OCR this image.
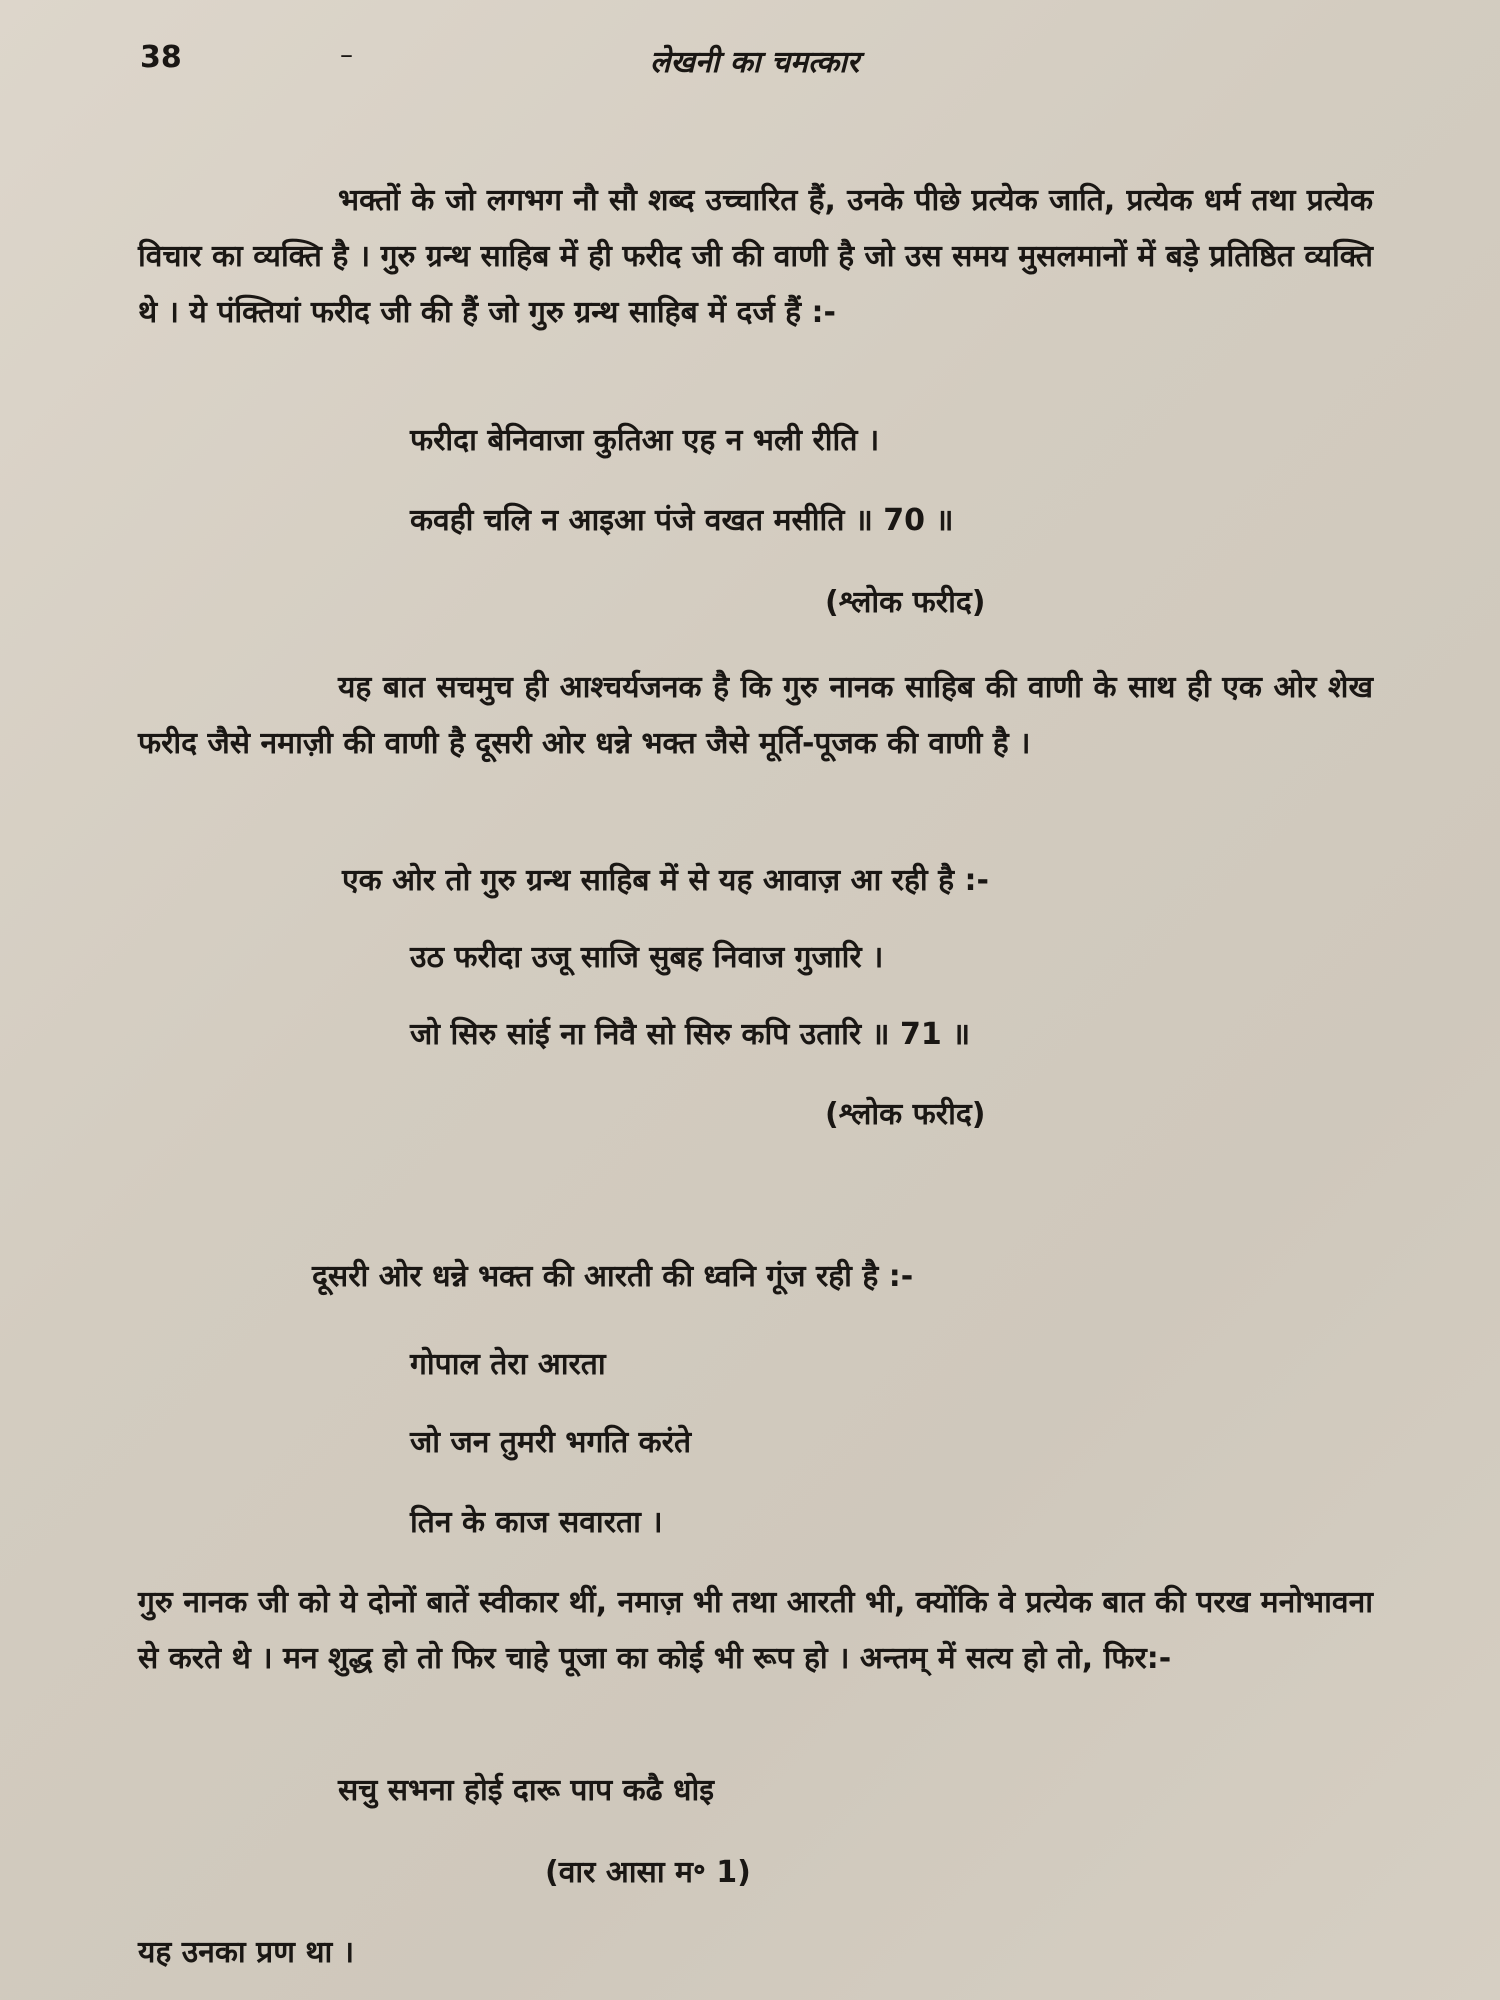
38	–	लेखनी का चमत्कार

भक्तों के जो लगभग नौ सौ शब्द उच्चारित हैं, उनके पीछे प्रत्येक जाति, प्रत्येक धर्म तथा प्रत्येक विचार का व्यक्ति है । गुरु ग्रन्थ साहिब में ही फरीद जी की वाणी है जो उस समय मुसलमानों में बड़े प्रतिष्ठित व्यक्ति थे । ये पंक्तियां फरीद जी की हैं जो गुरु ग्रन्थ साहिब में दर्ज हैं :-

फरीदा बेनिवाजा कुतिआ एह न भली रीति ।

कवही चलि न आइआ पंजे वखत मसीति ॥ 70 ॥

(श्लोक फरीद)

यह बात सचमुच ही आश्चर्यजनक है कि गुरु नानक साहिब की वाणी के साथ ही एक ओर शेख फरीद जैसे नमाज़ी की वाणी है दूसरी ओर धन्ने भक्त जैसे मूर्ति-पूजक की वाणी है ।

एक ओर तो गुरु ग्रन्थ साहिब में से यह आवाज़ आ रही है :-

उठ फरीदा उजू साजि सुबह निवाज गुजारि ।

जो सिरु सांई ना निवै सो सिरु कपि उतारि ॥ 71 ॥

(श्लोक फरीद)

दूसरी ओर धन्ने भक्त की आरती की ध्वनि गूंज रही है :-

गोपाल तेरा आरता

जो जन तुमरी भगति करंते

तिन के काज सवारता ।

गुरु नानक जी को ये दोनों बातें स्वीकार थीं, नमाज़ भी तथा आरती भी, क्योंकि वे प्रत्येक बात की परख मनोभावना से करते थे । मन शुद्ध हो तो फिर चाहे पूजा का कोई भी रूप हो । अन्तम् में सत्य हो तो, फिर:-

सचु सभना होई दारू पाप कढै धोइ

(वार आसा म॰ 1)

यह उनका प्रण था ।
